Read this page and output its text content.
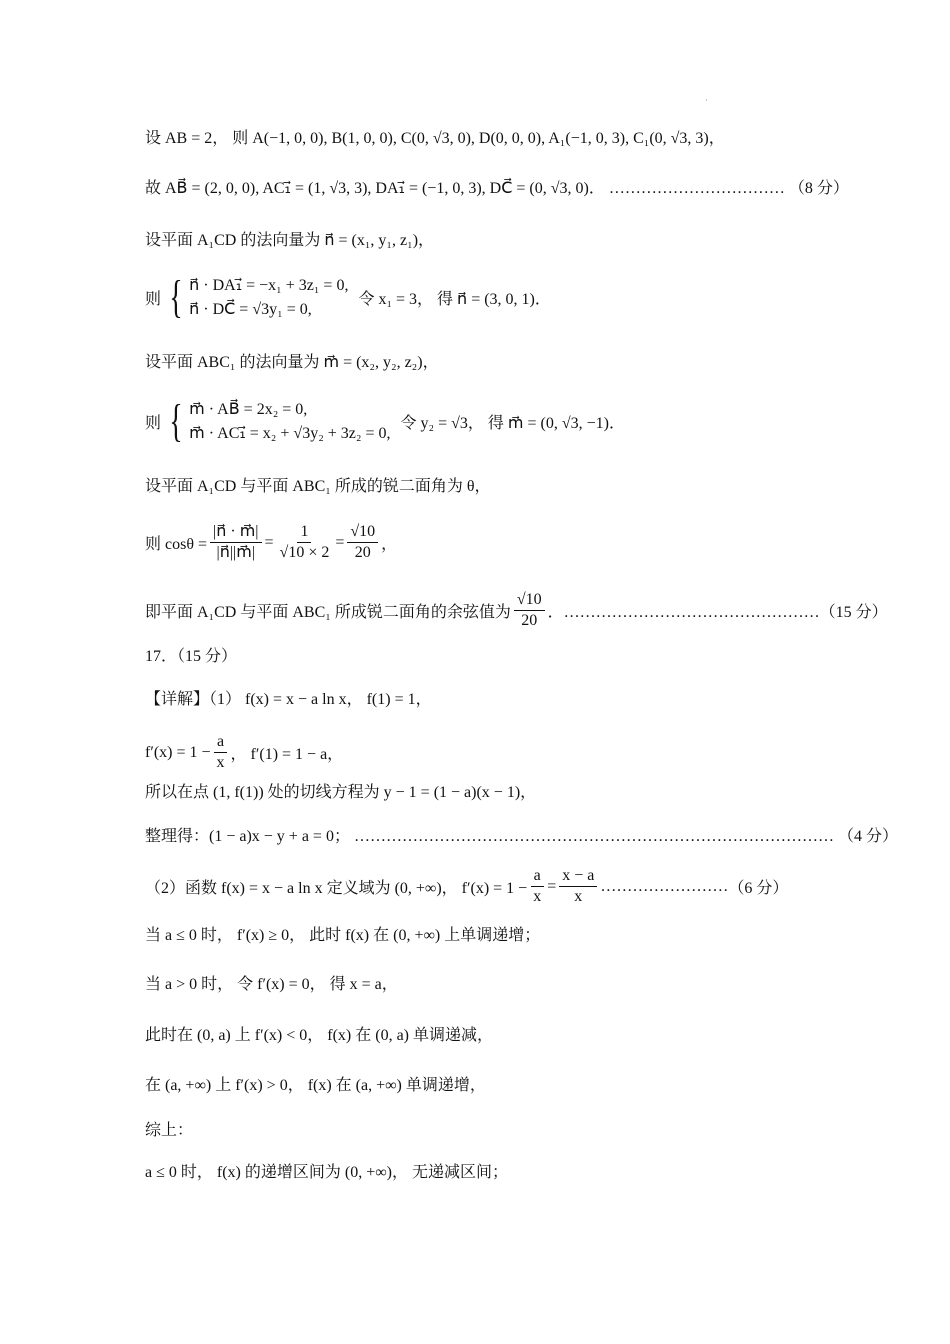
·
设 AB = 2， 则 A(−1, 0, 0), B(1, 0, 0), C(0, √3, 0), D(0, 0, 0), A₁(−1, 0, 3), C₁(0, √3, 3)，
故 AB⃗ = (2, 0, 0), AC₁⃗ = (1, √3, 3), DA₁⃗ = (−1, 0, 3), DC⃗ = (0, √3, 0)． …………………………… （8 分）
设平面 A₁CD 的法向量为 n⃗ = (x₁, y₁, z₁)，
则 { n⃗ · DA₁⃗ = −x₁ + 3z₁ = 0,
n⃗ · DC⃗ = √3y₁ = 0,
令 x₁ = 3， 得 n⃗ = (3, 0, 1)．
设平面 ABC₁ 的法向量为 m⃗ = (x₂, y₂, z₂)，
则 { m⃗ · AB⃗ = 2x₂ = 0,
m⃗ · AC₁⃗ = x₂ + √3y₂ + 3z₂ = 0,
令 y₂ = √3， 得 m⃗ = (0, √3, −1)．
设平面 A₁CD 与平面 ABC₁ 所成的锐二面角为 θ，
则 $\cos\theta = \frac{|n⃗ \cdot m⃗|}{|n⃗||m⃗|} = \frac{1}{√10 \times 2} = \frac{√10}{20}$ ，
即平面 A₁CD 与平面 ABC₁ 所成锐二面角的余弦值为 $\frac{√10}{20}$ ．………………………………………… （15 分）
17．（15 分）
【详解】（1） f(x) = x − a ln x， f(1) = 1，
$f'(x) = 1 - \frac{a}{x}$ ， f′(1) = 1 − a，
所以在点 (1, f(1)) 处的切线方程为 y − 1 = (1 − a)(x − 1)，
整理得：(1 − a)x − y + a = 0； ……………………………………………………………………………… （4 分）
（2）函数 f(x) = x − a ln x 定义域为 (0, +∞)， $f'(x) = 1 - \frac{a}{x} = \frac{x - a}{x}$ …………………… （6 分）
当 a ≤ 0 时， f′(x) ≥ 0， 此时 f(x) 在 (0, +∞) 上单调递增；
当 a > 0 时， 令 f′(x) = 0， 得 x = a，
此时在 (0, a) 上 f′(x) < 0， f(x) 在 (0, a) 单调递减，
在 (a, +∞) 上 f′(x) > 0， f(x) 在 (a, +∞) 单调递增，
综上：
a ≤ 0 时， f(x) 的递增区间为 (0, +∞)， 无递减区间；
